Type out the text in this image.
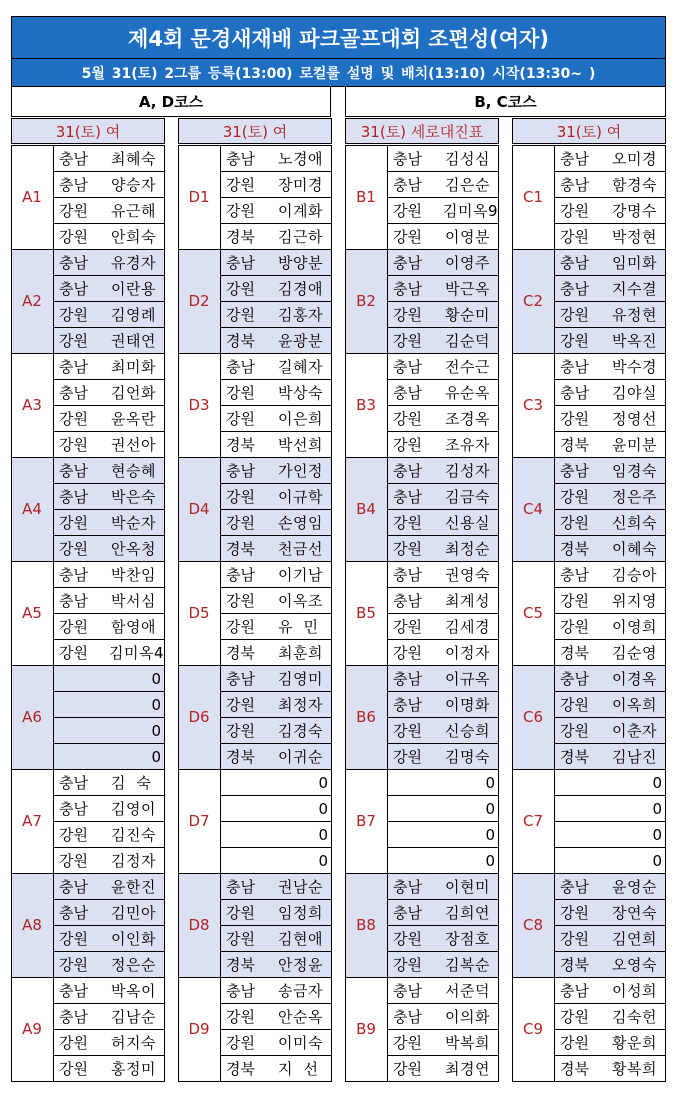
제4회 문경새재배 파크골프대회 조편성(여자)
5월 31(토) 2그룹 등록(13:00) 로컬룰 설명 및 배치(13:10) 시작(13:30~ )
A, D코스	B, C코스
31(토) 여
A1
충남	최혜숙
충남	양승자
강원	유근해
강원	안희숙
A2
충남	유경자
충남	이란용
강원	김영례
강원	권태연
A3
충남	최미화
충남	김언화
강원	윤옥란
강원	권선아
A4
충남	현승혜
충남	박은숙
강원	박순자
강원	안옥청
A5
충남	박찬임
충남	박서심
강원	함영애
강원	김미옥4
A6
0
0
0
0
A7
충남	김  숙
충남	김영이
강원	김진숙
강원	김정자
A8
충남	윤한진
충남	김민아
강원	이인화
강원	정은순
A9
충남	박옥이
충남	김남순
강원	허지숙
강원	홍정미
31(토) 여
D1
충남	노경애
강원	장미경
강원	이계화
경북	김근하
D2
충남	방양분
강원	김경애
강원	김홍자
경북	윤광분
D3
충남	길혜자
강원	박상숙
강원	이은희
경북	박선희
D4
충남	가인정
강원	이규학
강원	손영임
경북	천금선
D5
충남	이기남
강원	이옥조
강원	유  민
경북	최훈희
D6
충남	김영미
강원	최정자
강원	김경숙
경북	이귀순
D7
0
0
0
0
D8
충남	권남순
강원	임정희
강원	김현애
경북	안정윤
D9
충남	송금자
강원	안순옥
강원	이미숙
경북	지  선
31(토) 세로대진표
B1
충남	김성심
충남	김은순
강원	김미옥9
강원	이영분
B2
충남	이영주
충남	박근옥
강원	황순미
강원	김순덕
B3
충남	전수근
충남	유순옥
강원	조경옥
강원	조유자
B4
충남	김성자
충남	김금숙
강원	신용실
강원	최정순
B5
충남	권영숙
충남	최계성
강원	김세경
강원	이정자
B6
충남	이규옥
충남	이명화
강원	신승희
강원	김명숙
B7
0
0
0
0
B8
충남	이현미
충남	김희연
강원	장점호
강원	김복순
B9
충남	서준덕
충남	이의화
강원	박복희
강원	최경연
31(토) 여
C1
충남	오미경
충남	함경숙
강원	강명수
강원	박정현
C2
충남	임미화
충남	지수결
강원	유정현
강원	박옥진
C3
충남	박수경
충남	김야실
강원	정영선
경북	윤미분
C4
충남	임경숙
강원	정은주
강원	신희숙
경북	이혜숙
C5
충남	김승아
강원	위지영
강원	이영희
경북	김순영
C6
충남	이경옥
강원	이옥희
강원	이춘자
경북	김남진
C7
0
0
0
0
C8
충남	윤영순
강원	장연숙
강원	김연희
경북	오영숙
C9
충남	이성희
강원	김숙헌
강원	황운희
경북	황복희
